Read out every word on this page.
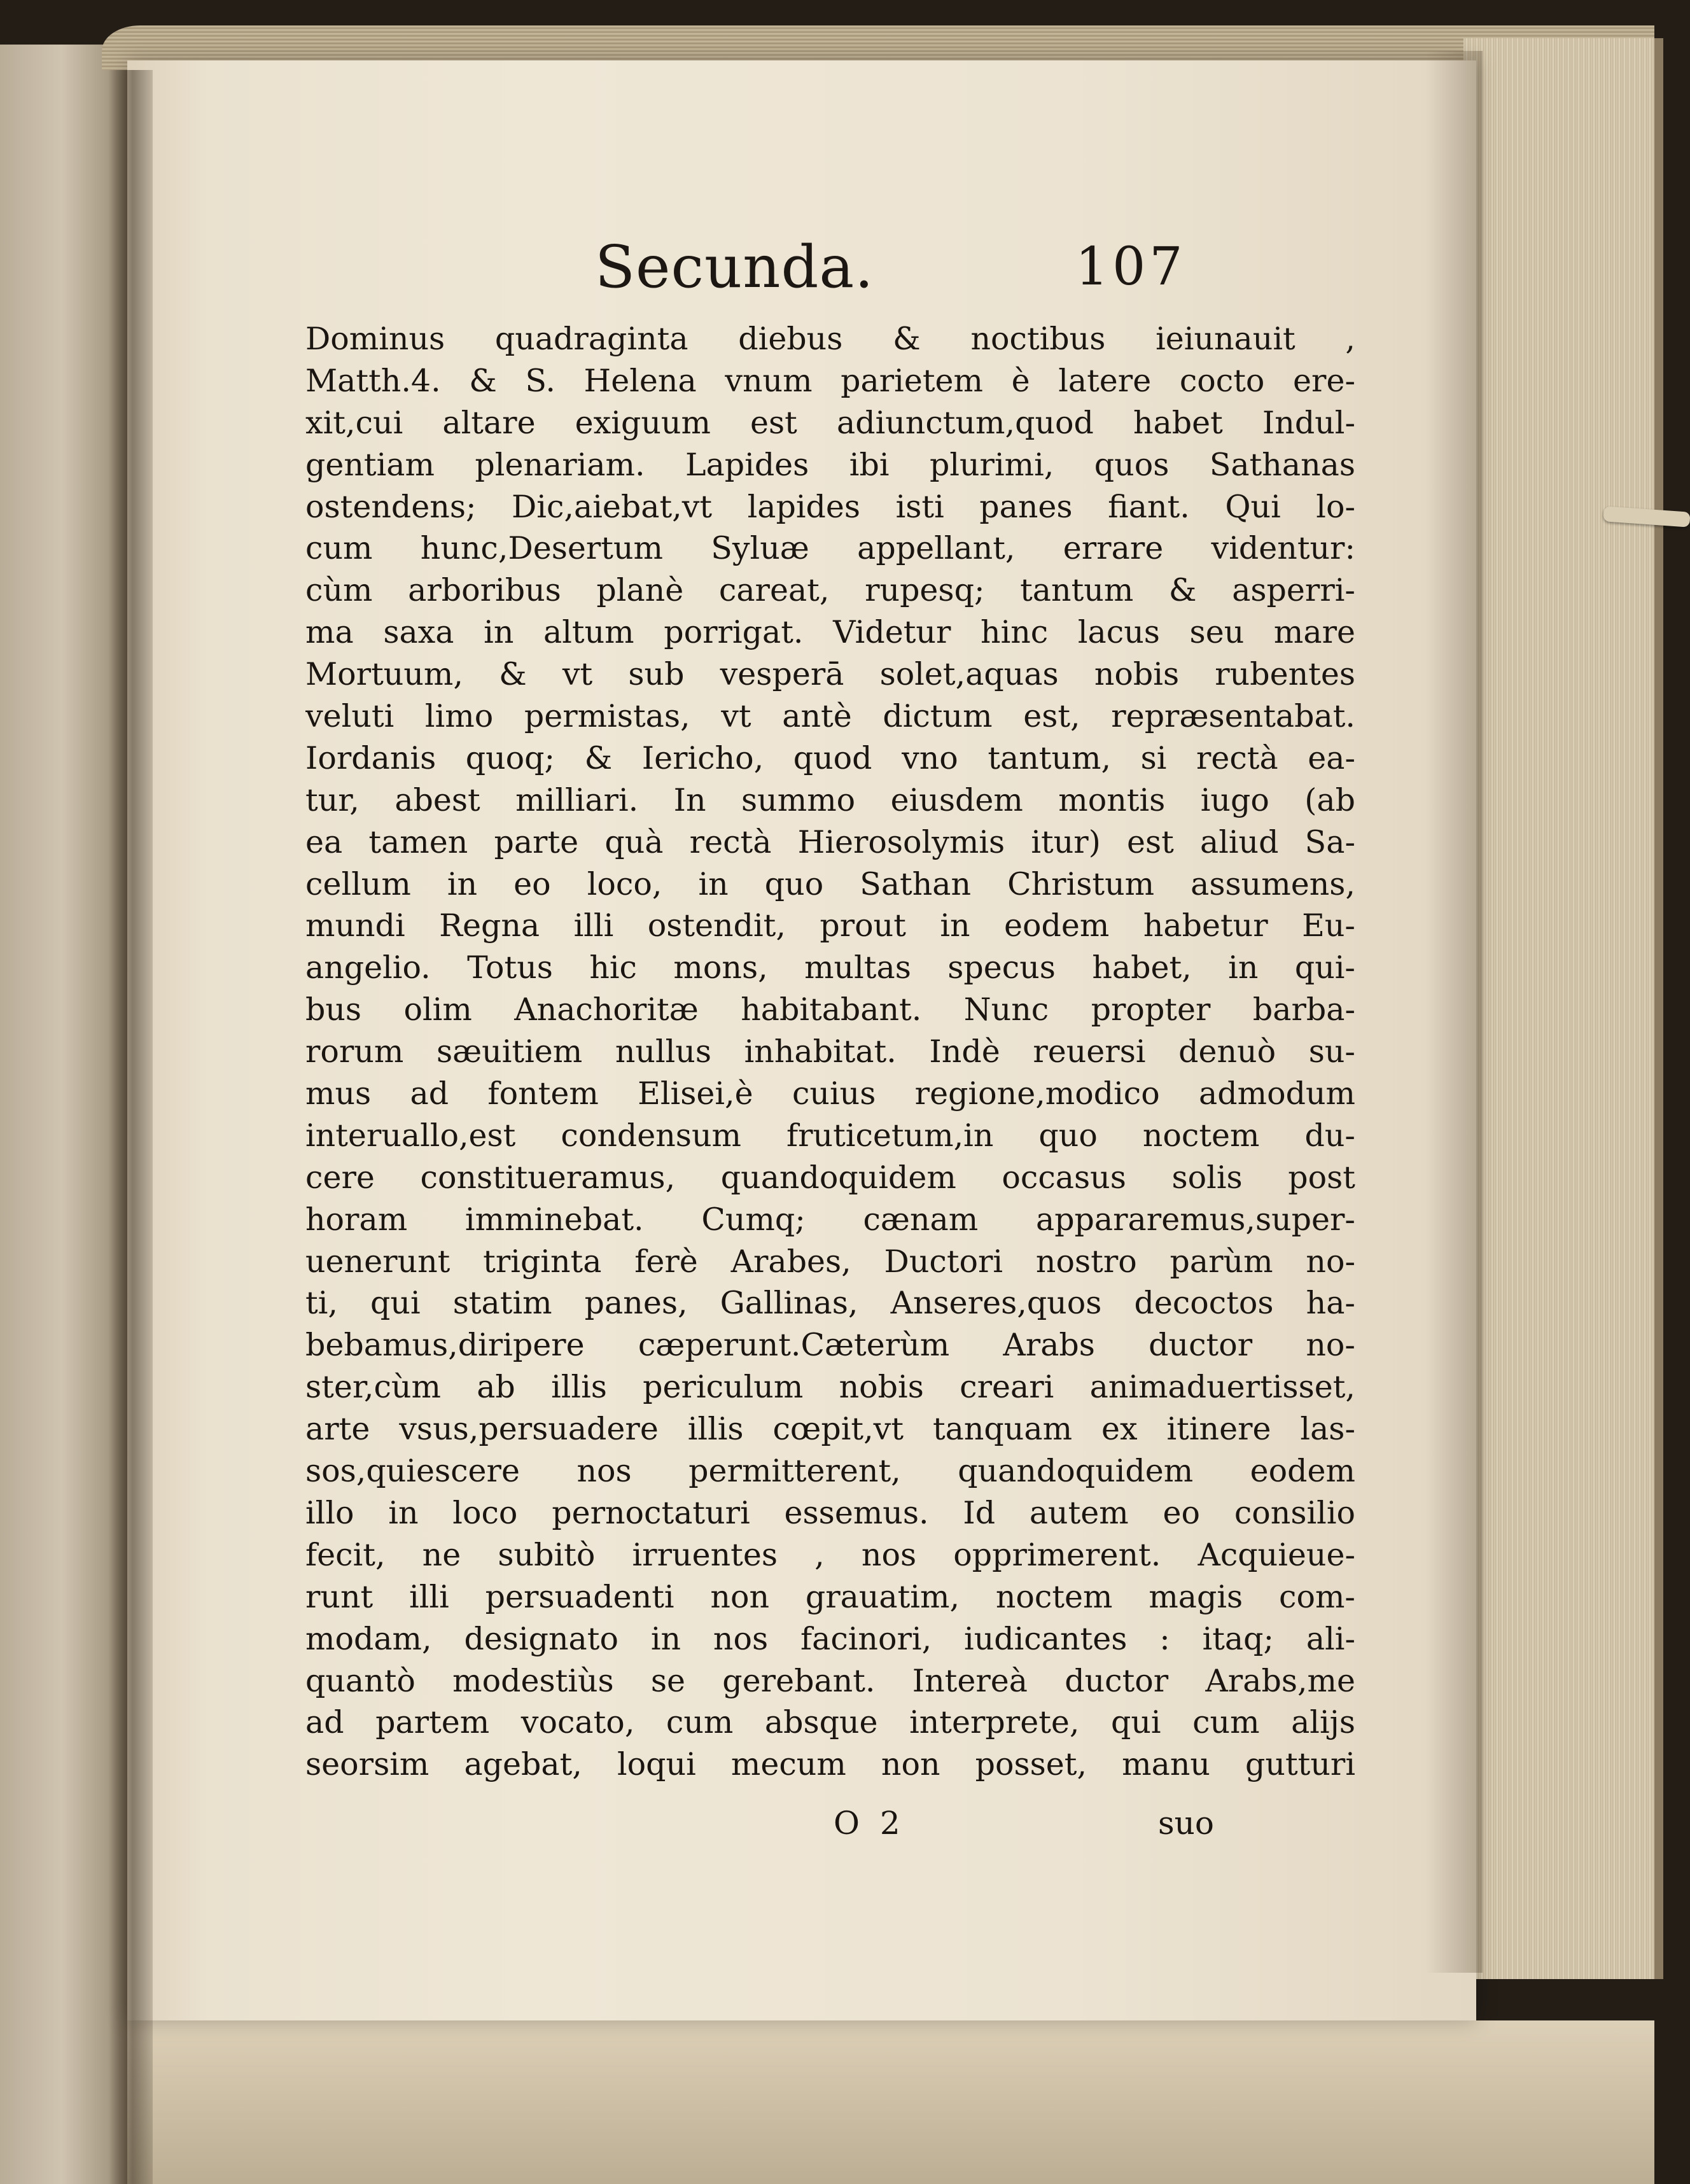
Secunda.	107
Dominus quadraginta diebus & noctibus ieiunauit ,
Matth.4. & S. Helena vnum parietem è latere cocto ere-
xit,cui altare exiguum est adiunctum,quod habet Indul-
gentiam plenariam. Lapides ibi plurimi, quos Sathanas
ostendens; Dic,aiebat,vt lapides isti panes fiant. Qui lo-
cum hunc,Desertum Syluæ appellant, errare videntur:
cùm arboribus planè careat, rupesq; tantum & asperri-
ma saxa in altum porrigat. Videtur hinc lacus seu mare
Mortuum, & vt sub vesperā solet,aquas nobis rubentes
veluti limo permistas, vt antè dictum est, repræsentabat.
Iordanis quoq; & Iericho, quod vno tantum, si rectà ea-
tur, abest milliari. In summo eiusdem montis iugo (ab
ea tamen parte quà rectà Hierosolymis itur) est aliud Sa-
cellum in eo loco, in quo Sathan Christum assumens,
mundi Regna illi ostendit, prout in eodem habetur Eu-
angelio. Totus hic mons, multas specus habet, in qui-
bus olim Anachoritæ habitabant. Nunc propter barba-
rorum sæuitiem nullus inhabitat. Indè reuersi denuò su-
mus ad fontem Elisei,è cuius regione,modico admodum
interuallo,est condensum fruticetum,in quo noctem du-
cere constitueramus, quandoquidem occasus solis post
horam imminebat. Cumq; cænam appararemus,super-
uenerunt triginta ferè Arabes, Ductori nostro parùm no-
ti, qui statim panes, Gallinas, Anseres,quos decoctos ha-
bebamus,diripere cæperunt.Cæterùm Arabs ductor no-
ster,cùm ab illis periculum nobis creari animaduertisset,
arte vsus,persuadere illis cœpit,vt tanquam ex itinere las-
sos,quiescere nos permitterent, quandoquidem eodem
illo in loco pernoctaturi essemus. Id autem eo consilio
fecit, ne subitò irruentes , nos opprimerent. Acquieue-
runt illi persuadenti non grauatim, noctem magis com-
modam, designato in nos facinori, iudicantes : itaq; ali-
quantò modestiùs se gerebant. Intereà ductor Arabs,me
ad partem vocato, cum absque interprete, qui cum alijs
seorsim agebat, loqui mecum non posset, manu gutturi
O 2	suo
